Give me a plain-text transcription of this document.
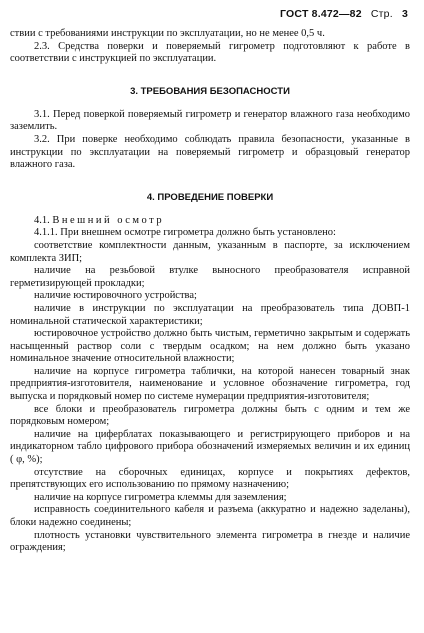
ГОСТ 8.472—82 Стр. 3

ствии с требованиями инструкции по эксплуатации, но не менее 0,5 ч.

2.3. Средства поверки и поверяемый гигрометр подготовляют к работе в соответствии с инструкцией по эксплуатации.

3. ТРЕБОВАНИЯ БЕЗОПАСНОСТИ

3.1. Перед поверкой поверяемый гигрометр и генератор влажного газа необходимо заземлить.

3.2. При поверке необходимо соблюдать правила безопасности, указанные в инструкции по эксплуатации на поверяемый гигрометр и образцовый генератор влажного газа.

4. ПРОВЕДЕНИЕ ПОВЕРКИ

4.1. Внешний осмотр

4.1.1. При внешнем осмотре гигрометра должно быть установлено:

соответствие комплектности данным, указанным в паспорте, за исключением комплекта ЗИП;

наличие на резьбовой втулке выносного преобразователя исправной герметизирующей прокладки;

наличие юстировочного устройства;

наличие в инструкции по эксплуатации на преобразователь типа ДОВП-1 номинальной статической характеристики;

юстировочное устройство должно быть чистым, герметично закрытым и содержать насыщенный раствор соли с твердым осадком; на нем должно быть указано номинальное значение относительной влажности;

наличие на корпусе гигрометра таблички, на которой нанесен товарный знак предприятия-изготовителя, наименование и условное обозначение гигрометра, год выпуска и порядковый номер по системе нумерации предприятия-изготовителя;

все блоки и преобразователь гигрометра должны быть с одним и тем же порядковым номером;

наличие на циферблатах показывающего и регистрирующего приборов и на индикаторном табло цифрового прибора обозначений измеряемых величин и их единиц ( φ, %);

отсутствие на сборочных единицах, корпусе и покрытиях дефектов, препятствующих его использованию по прямому назначению;

наличие на корпусе гигрометра клеммы для заземления;

исправность соединительного кабеля и разъема (аккуратно и надежно заделаны), блоки надежно соединены;

плотность установки чувствительного элемента гигрометра в гнезде и наличие ограждения;
